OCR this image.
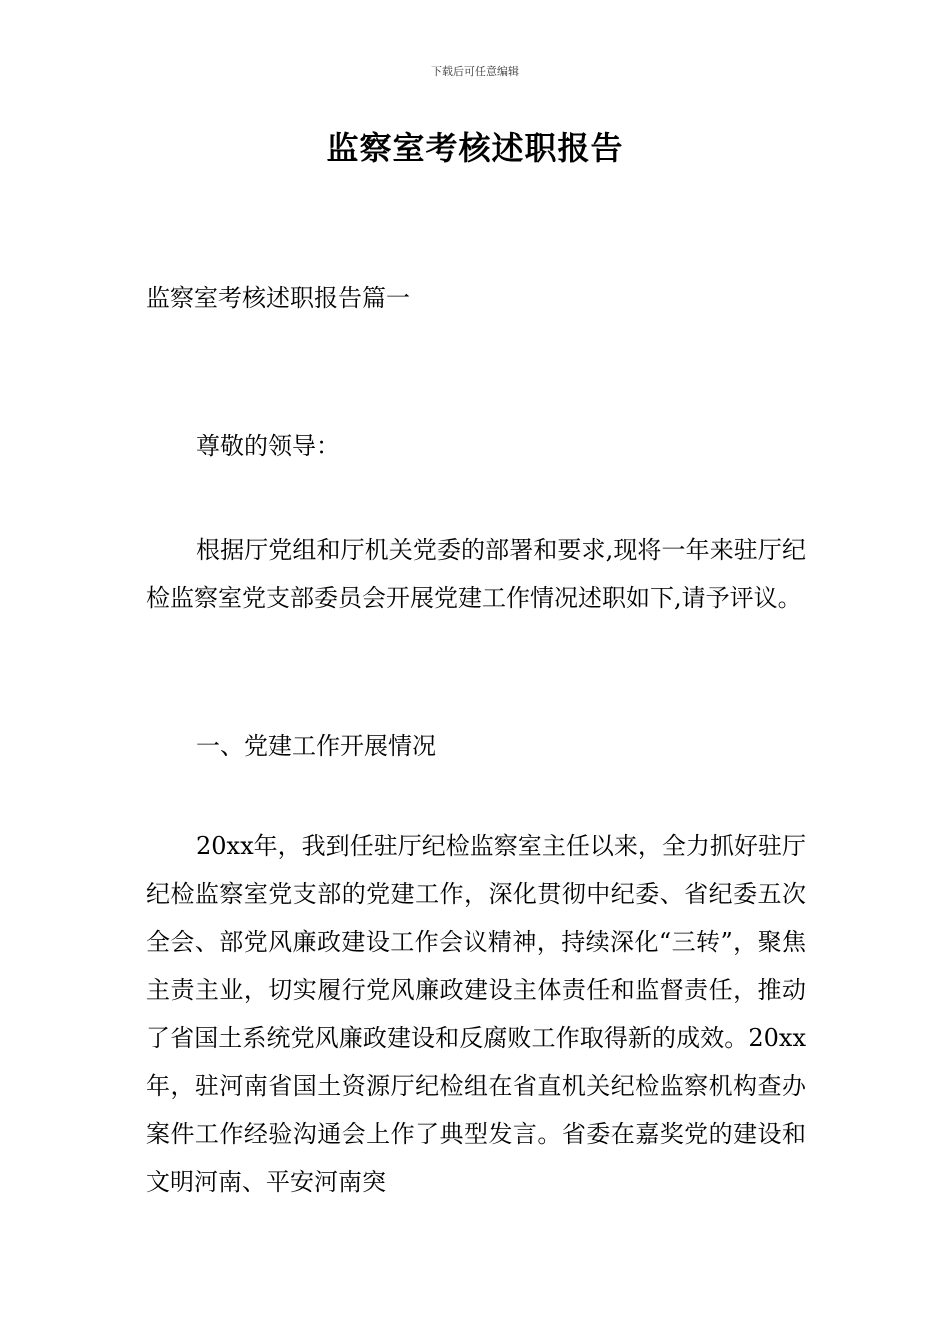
下载后可任意编辑
监察室考核述职报告

监察室考核述职报告篇一

尊敬的领导：

根据厅党组和厅机关党委的部署和要求,现将一年来驻厅纪检监察室党支部委员会开展党建工作情况述职如下,请予评议。

一、党建工作开展情况

20xx年，我到任驻厅纪检监察室主任以来，全力抓好驻厅纪检监察室党支部的党建工作，深化贯彻中纪委、省纪委五次全会、部党风廉政建设工作会议精神，持续深化“三转”，聚焦主责主业，切实履行党风廉政建设主体责任和监督责任，推动了省国土系统党风廉政建设和反腐败工作取得新的成效。20xx年，驻河南省国土资源厅纪检组在省直机关纪检监察机构查办案件工作经验沟通会上作了典型发言。省委在嘉奖党的建设和文明河南、平安河南突
